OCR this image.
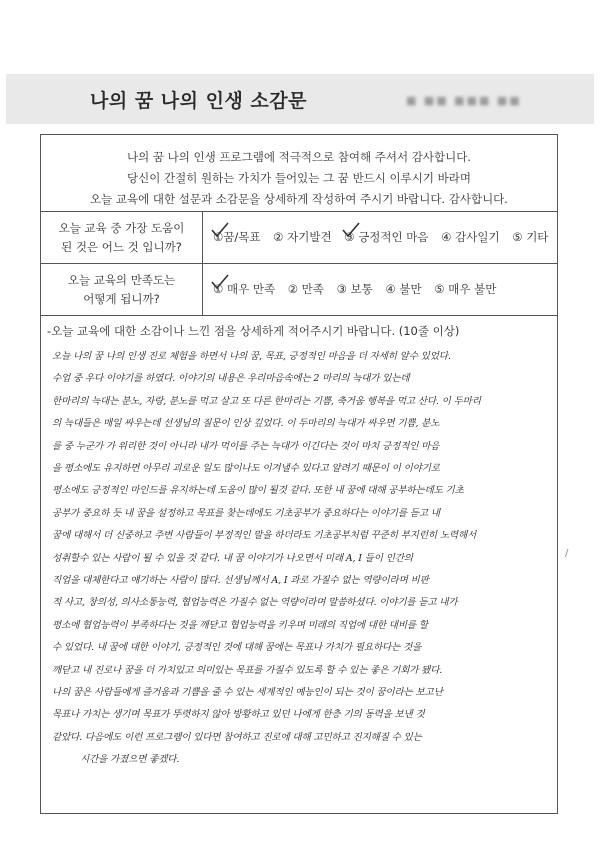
나의 꿈 나의 인생 소감문	■ ■■ ■■■ ■■
나의 꿈 나의 인생 프로그램에 적극적으로 참여해 주셔서 감사합니다.
당신이 간절히 원하는 가치가 들어있는 그 꿈 반드시 이루시기 바라며
오늘 교육에 대한 설문과 소감문을 상세하게 작성하여 주시기 바랍니다. 감사합니다.
오늘 교육 중 가장 도움이
된 것은 어느 것 입니까?
①꿈/목표 ② 자기발견 ③ 긍정적인 마음 ④ 감사일기 ⑤ 기타
오늘 교육의 만족도는
어떻게 됩니까?
① 매우 만족 ② 만족 ③ 보통 ④ 불만 ⑤ 매우 불만
-오늘 교육에 대한 소감이나 느낀 점을 상세하게 적어주시기 바랍니다. (10줄 이상)
오늘 나의 꿈 나의 인생 진로 체험을 하면서 나의 꿈, 목표, 긍정적인 마음을 더 자세히 알수 있었다.
수업 중 우다 이야기를 하였다. 이야기의 내용은 우리마음속에는 2 마리의 늑대가 있는데
한마리의 늑대는 분노, 자랑, 분노를 먹고 살고 또 다른 한마리는 기쁨, 축거움 행복을 먹고 산다. 이 두마리
의 늑대들은 매일 싸우는데 선생님의 질문이 인상 깊었다. 이 두마리의 늑대가 싸우면 기쁨, 분노
를 중 누군가 가 위리한 것이 아니라 내가 먹이를 주는 늑대가 이긴다는 것이 마치 긍정적인 마음
을 평소에도 유지하면 아무리 괴로운 일도 많이나도 이겨낼수 있다고 알려기 때문이 이 이야기로
평소에도 긍정적인 마인드를 유지하는데 도움이 많이 될것 같다. 또한 내 꿈에 대해 공부하는데도 기초
공부가 중요하 듯 내 꿈을 설정하고 목표를 찾는데에도 기초공부가 중요하다는 이야기를 듣고 내
꿈에 대해서 더 신중하고 주변 사람들이 부정적인 말을 하더라도 기초공부처럼 꾸준히 부지런히 노력해서
성취할수 있는 사람이 될 수 있을 것 같다. 내 꿈 이야기가 나오면서 미래 A, I 들이 인간의
직업을 대체한다고 얘기하는 사람이 많다. 선생님께서 A, I 과로 가질수 없는 역량이라며 비판
적 사고, 창의성, 의사소통능력, 협업능력은 가질수 없는 역량이라며 말씀하셨다. 이야기를 듣고 내가
평소에 협업능력이 부족하다는 것을 깨닫고 협업능력을 키우며 미래의 직업에 대한 대비를 할
수 있었다. 내 꿈에 대한 이야기, 긍정적인 것에 대해 꿈에는 목표나 가치가 필요하다는 것을
깨닫고 내 진로나 꿈을 더 가치있고 의미있는 목표를 가질수 있도록 할 수 있는 좋은 기회가 됐다.
나의 꿈은 사람들에게 즐거움과 기쁨을 줄 수 있는 세계적인 예능인이 되는 것이 꿈이라는 보고난
목표나 가치는 생기며 목표가 뚜렷하지 않아 방황하고 있던 나에게 한층 기의 동력을 보낸 것
같았다. 다음에도 이런 프로그램이 있다면 참여하고 진로에 대해 고민하고 진지해질 수 있는
시간을 가졌으면 좋겠다.
/
